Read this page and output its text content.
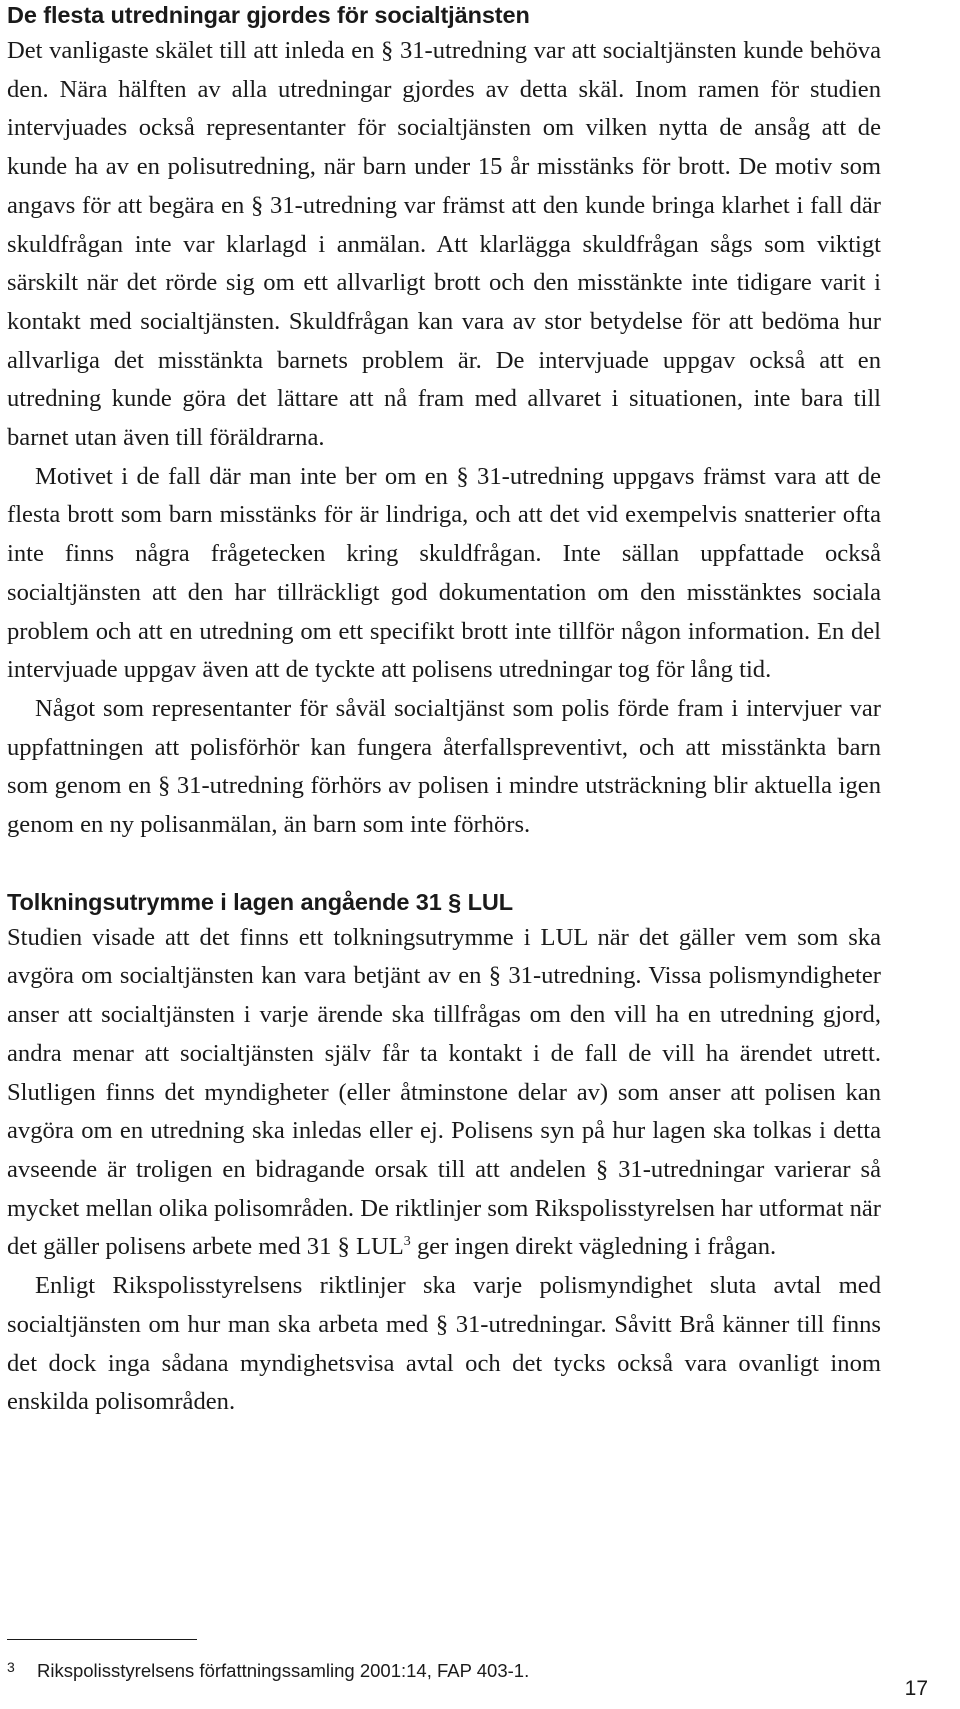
De flesta utredningar gjordes för socialtjänsten

Det vanligaste skälet till att inleda en § 31-utredning var att socialtjänsten kunde behöva den. Nära hälften av alla utredningar gjordes av detta skäl. Inom ramen för studien intervjuades också representanter för socialtjänsten om vilken nytta de ansåg att de kunde ha av en polisutredning, när barn under 15 år misstänks för brott. De motiv som angavs för att begära en § 31-utredning var främst att den kunde bringa klarhet i fall där skuldfrågan inte var klarlagd i anmälan. Att klarlägga skuldfrågan sågs som viktigt särskilt när det rörde sig om ett allvarligt brott och den misstänkte inte tidigare varit i kontakt med socialtjänsten. Skuldfrågan kan vara av stor betydelse för att bedöma hur allvarliga det misstänkta barnets problem är. De intervjuade uppgav också att en utredning kunde göra det lättare att nå fram med allvaret i situationen, inte bara till barnet utan även till föräldrarna.

Motivet i de fall där man inte ber om en § 31-utredning uppgavs främst vara att de flesta brott som barn misstänks för är lindriga, och att det vid exempelvis snatterier ofta inte finns några frågetecken kring skuldfrågan. Inte sällan uppfattade också socialtjänsten att den har tillräckligt god dokumentation om den misstänktes sociala problem och att en utredning om ett specifikt brott inte tillför någon information. En del intervjuade uppgav även att de tyckte att polisens utredningar tog för lång tid.

Något som representanter för såväl socialtjänst som polis förde fram i intervjuer var uppfattningen att polisförhör kan fungera återfallspreventivt, och att misstänkta barn som genom en § 31-utredning förhörs av polisen i mindre utsträckning blir aktuella igen genom en ny polisanmälan, än barn som inte förhörs.

Tolkningsutrymme i lagen angående 31 § LUL

Studien visade att det finns ett tolkningsutrymme i LUL när det gäller vem som ska avgöra om socialtjänsten kan vara betjänt av en § 31-utredning. Vissa polismyndigheter anser att socialtjänsten i varje ärende ska tillfrågas om den vill ha en utredning gjord, andra menar att socialtjänsten själv får ta kontakt i de fall de vill ha ärendet utrett. Slutligen finns det myndigheter (eller åtminstone delar av) som anser att polisen kan avgöra om en utredning ska inledas eller ej. Polisens syn på hur lagen ska tolkas i detta avseende är troligen en bidragande orsak till att andelen § 31-utredningar varierar så mycket mellan olika polisområden. De riktlinjer som Rikspolisstyrelsen har utformat när det gäller polisens arbete med 31 § LUL$^3$ ger ingen direkt vägledning i frågan.

Enligt Rikspolisstyrelsens riktlinjer ska varje polismyndighet sluta avtal med socialtjänsten om hur man ska arbeta med § 31-utredningar. Såvitt Brå känner till finns det dock inga sådana myndighetsvisa avtal och det tycks också vara ovanligt inom enskilda polisområden.

3 Rikspolisstyrelsens författningssamling 2001:14, FAP 403-1.
17
